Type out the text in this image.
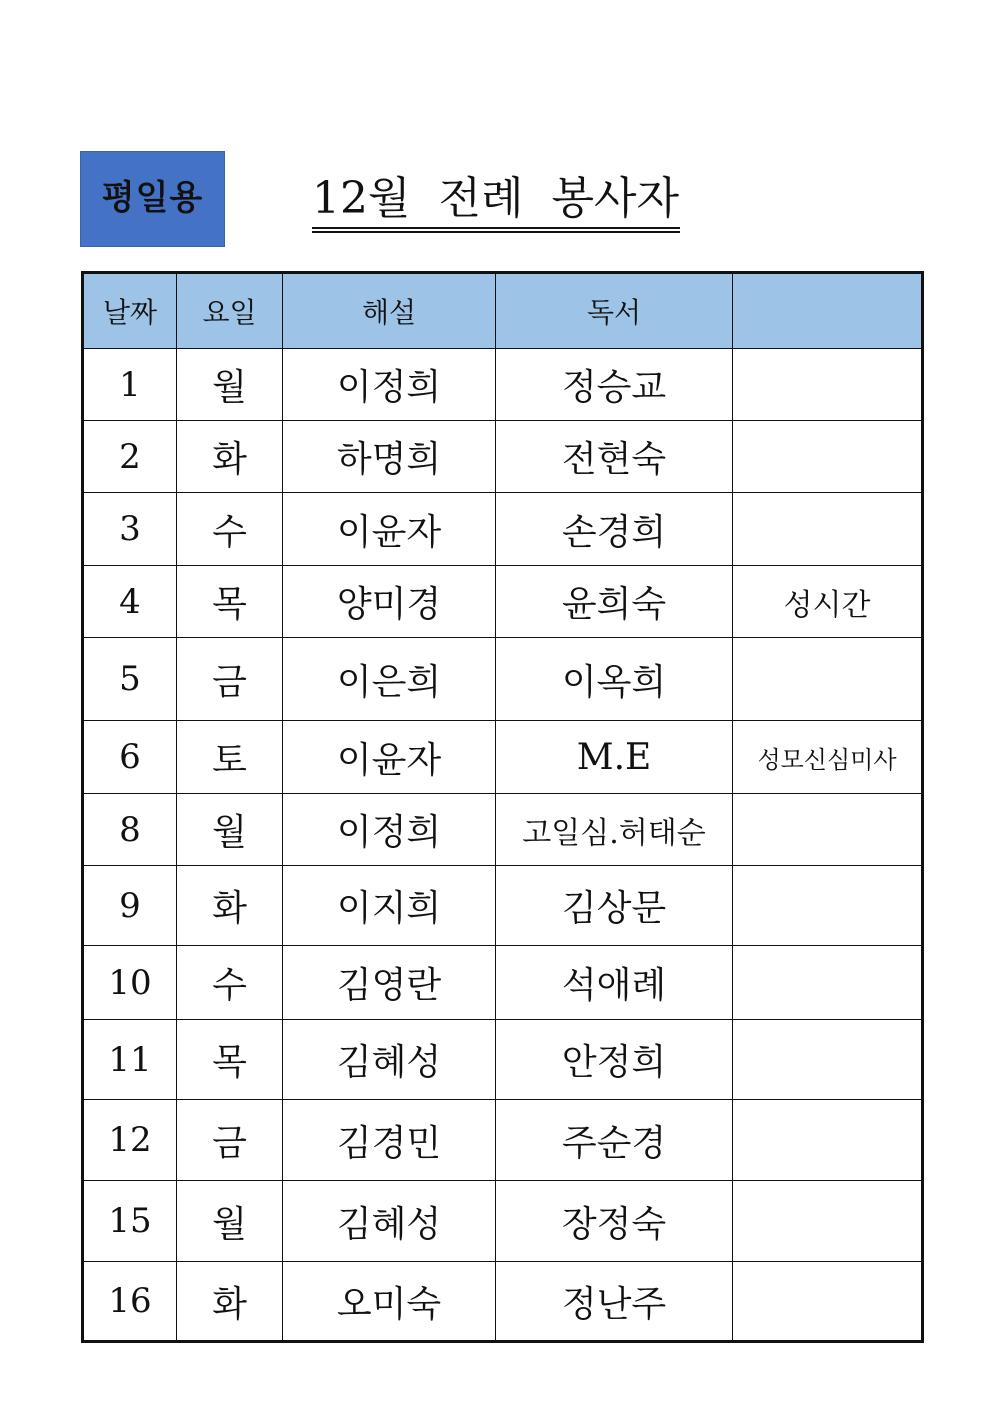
평일용	12월 전례 봉사자
날짜	요일	해설	독서	
1	월	이정희	정승교	
2	화	하명희	전현숙	
3	수	이윤자	손경희	
4	목	양미경	윤희숙	성시간
5	금	이은희	이옥희	
6	토	이윤자	M.E	성모신심미사
8	월	이정희	고일심.허태순	
9	화	이지희	김상문	
10	수	김영란	석애례	
11	목	김혜성	안정희	
12	금	김경민	주순경	
15	월	김혜성	장정숙	
16	화	오미숙	정난주	
